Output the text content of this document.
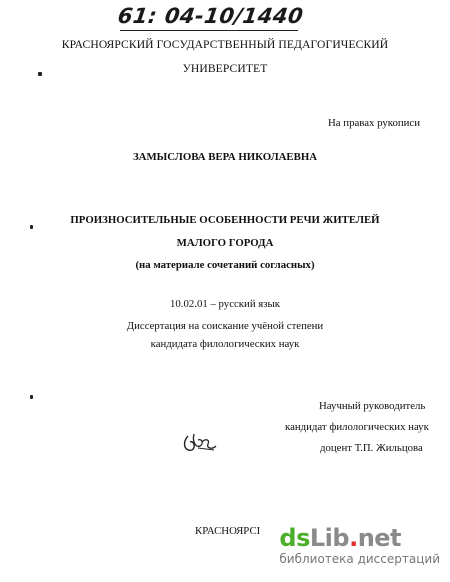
61: 04-10/1440
КРАСНОЯРСКИЙ ГОСУДАРСТВЕННЫЙ ПЕДАГОГИЧЕСКИЙ
УНИВЕРСИТЕТ
На правах рукописи
ЗАМЫСЛОВА ВЕРА НИКОЛАЕВНА
ПРОИЗНОСИТЕЛЬНЫЕ ОСОБЕННОСТИ РЕЧИ ЖИТЕЛЕЙ
МАЛОГО ГОРОДА
(на материале сочетаний согласных)
10.02.01 – русский язык
Диссертация на соискание учёной степени
кандидата филологических наук
Научный руководитель
кандидат филологических наук
доцент Т.П. Жильцова
КРАСНОЯРСІ dsLib.net
библиотека диссертаций
